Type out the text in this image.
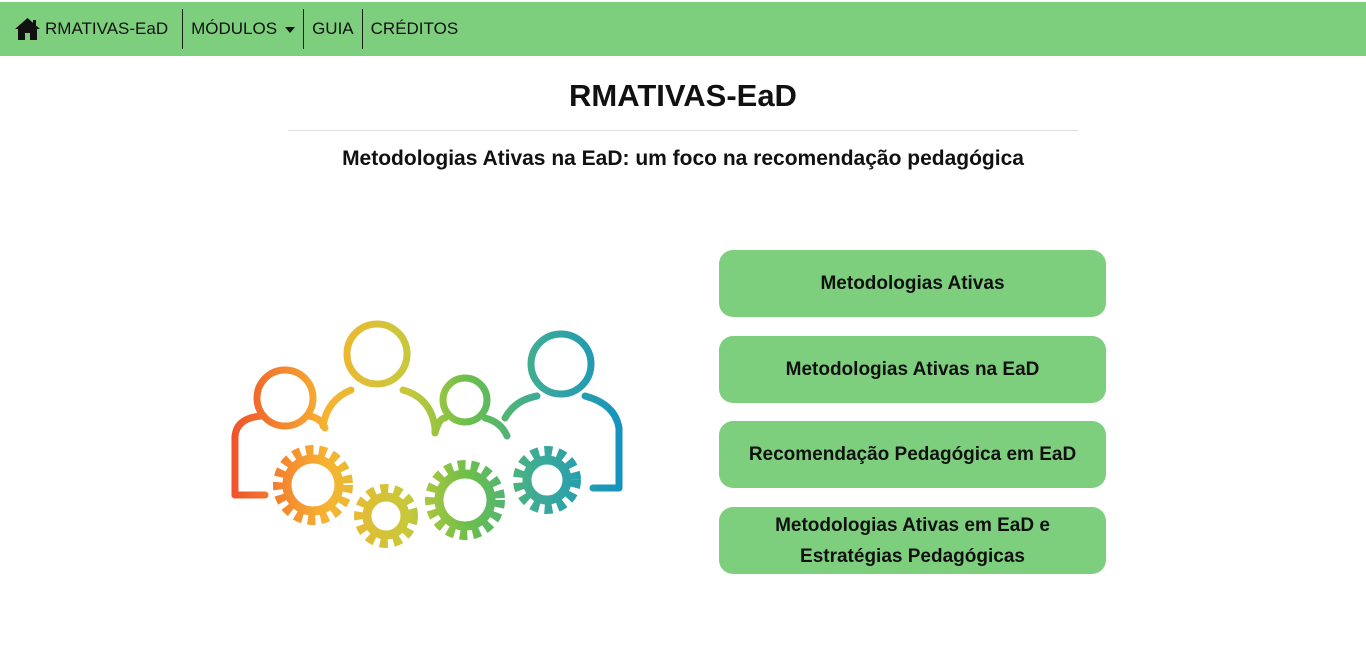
RMATIVAS-EaD MÓDULOS GUIA CRÉDITOS
RMATIVAS-EaD
Metodologias Ativas na EaD: um foco na recomendação pedagógica
Metodologias Ativas
Metodologias Ativas na EaD
Recomendação Pedagógica em EaD
Metodologias Ativas em EaD e Estratégias Pedagógicas
